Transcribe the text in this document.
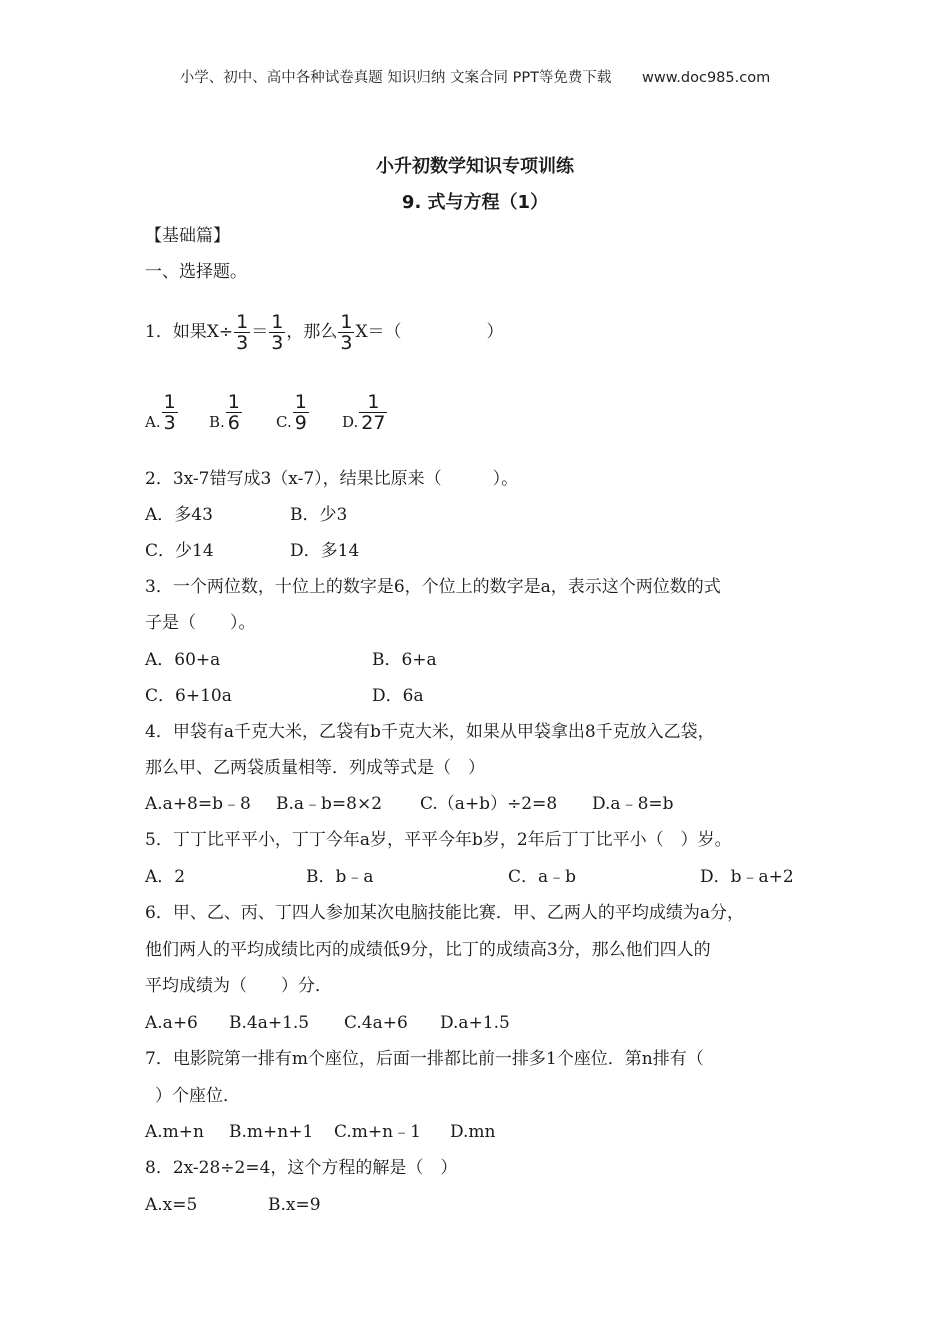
小学、初中、高中各种试卷真题 知识归纳 文案合同 PPT等免费下载 www.doc985.com
小升初数学知识专项训练
9. 式与方程（1）
【基础篇】
一、选择题。
1．如果$X\div \frac{1}{3} = \frac{1}{3}$ ，那么 $\frac{1}{3} X=$（　　　　　）
A. $\frac{1}{3} B$. $\frac{1}{6} C$. $\frac{1}{9} D$. $\frac{1}{27}$
2．3x-7错写成3（x-7），结果比原来（　　　）。
A．多43	B．少3
C．少14	D．多14
3．一个两位数，十位上的数字是6，个位上的数字是a，表示这个两位数的式
子是（　　）。
A．60+a	B．6+a
C．6+10a	D．6a
4．甲袋有a千克大米，乙袋有b千克大米，如果从甲袋拿出8千克放入乙袋，
那么甲、乙两袋质量相等．列成等式是（　）
A.a+8=b﹣8 B.a﹣b=8×2 C.（a+b）÷2=8 D.a﹣8=b
5．丁丁比平平小，丁丁今年a岁，平平今年b岁，2年后丁丁比平小（　）岁。
A．2	B．b﹣a	C．a﹣b	D．b﹣a+2
6．甲、乙、丙、丁四人参加某次电脑技能比赛．甲、乙两人的平均成绩为a分，
他们两人的平均成绩比丙的成绩低9分，比丁的成绩高3分，那么他们四人的
平均成绩为（　　）分．
A.a+6 B.4a+1.5 C.4a+6 D.a+1.5
7．电影院第一排有m个座位，后面一排都比前一排多1个座位．第n排有（
）个座位．
A.m+n B.m+n+1 C.m+n﹣1 D.mn
8．2x-28÷2=4，这个方程的解是（　）
A.x=5	B.x=9
